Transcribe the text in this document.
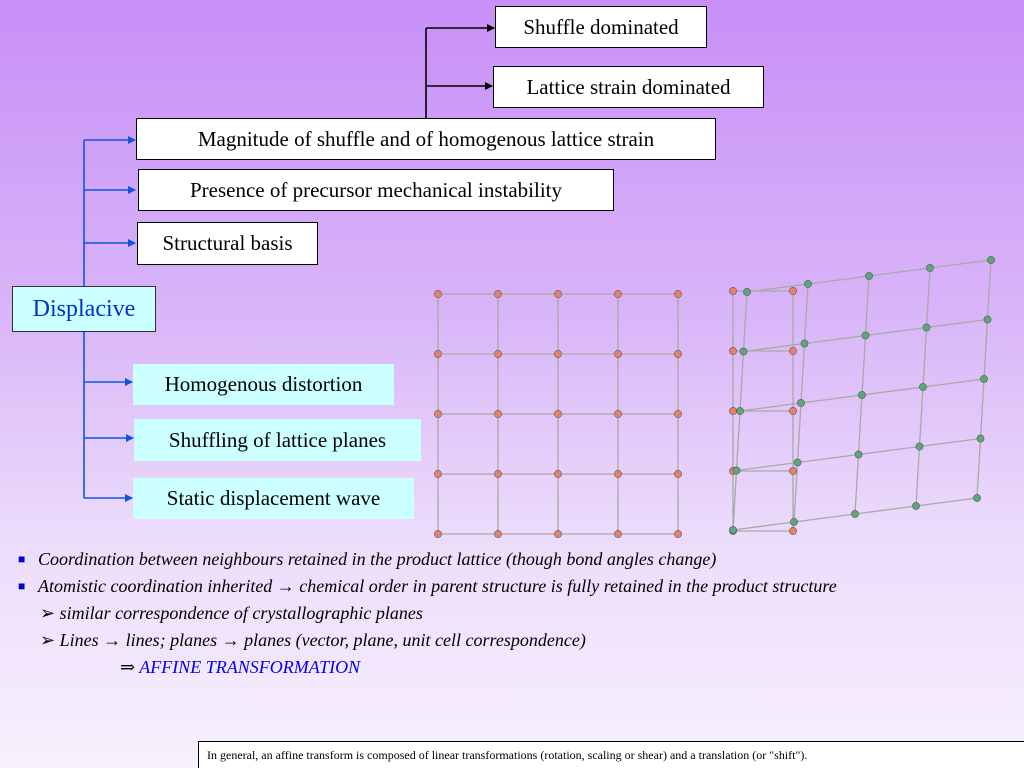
Shuffle dominated
Lattice strain dominated
Magnitude of shuffle and of homogenous lattice strain
Presence of precursor mechanical instability
Structural basis
Displacive
Homogenous distortion
Shuffling of lattice planes
Static displacement wave
■ Coordination between neighbours retained in the product lattice (though bond angles change)
■ Atomistic coordination inherited → chemical order in parent structure is fully retained in the product structure
➢ similar correspondence of crystallographic planes
➢ Lines → lines; planes → planes (vector, plane, unit cell correspondence)
⇒ AFFINE TRANSFORMATION
In general, an affine transform is composed of linear transformations (rotation, scaling or shear) and a translation (or "shift").
